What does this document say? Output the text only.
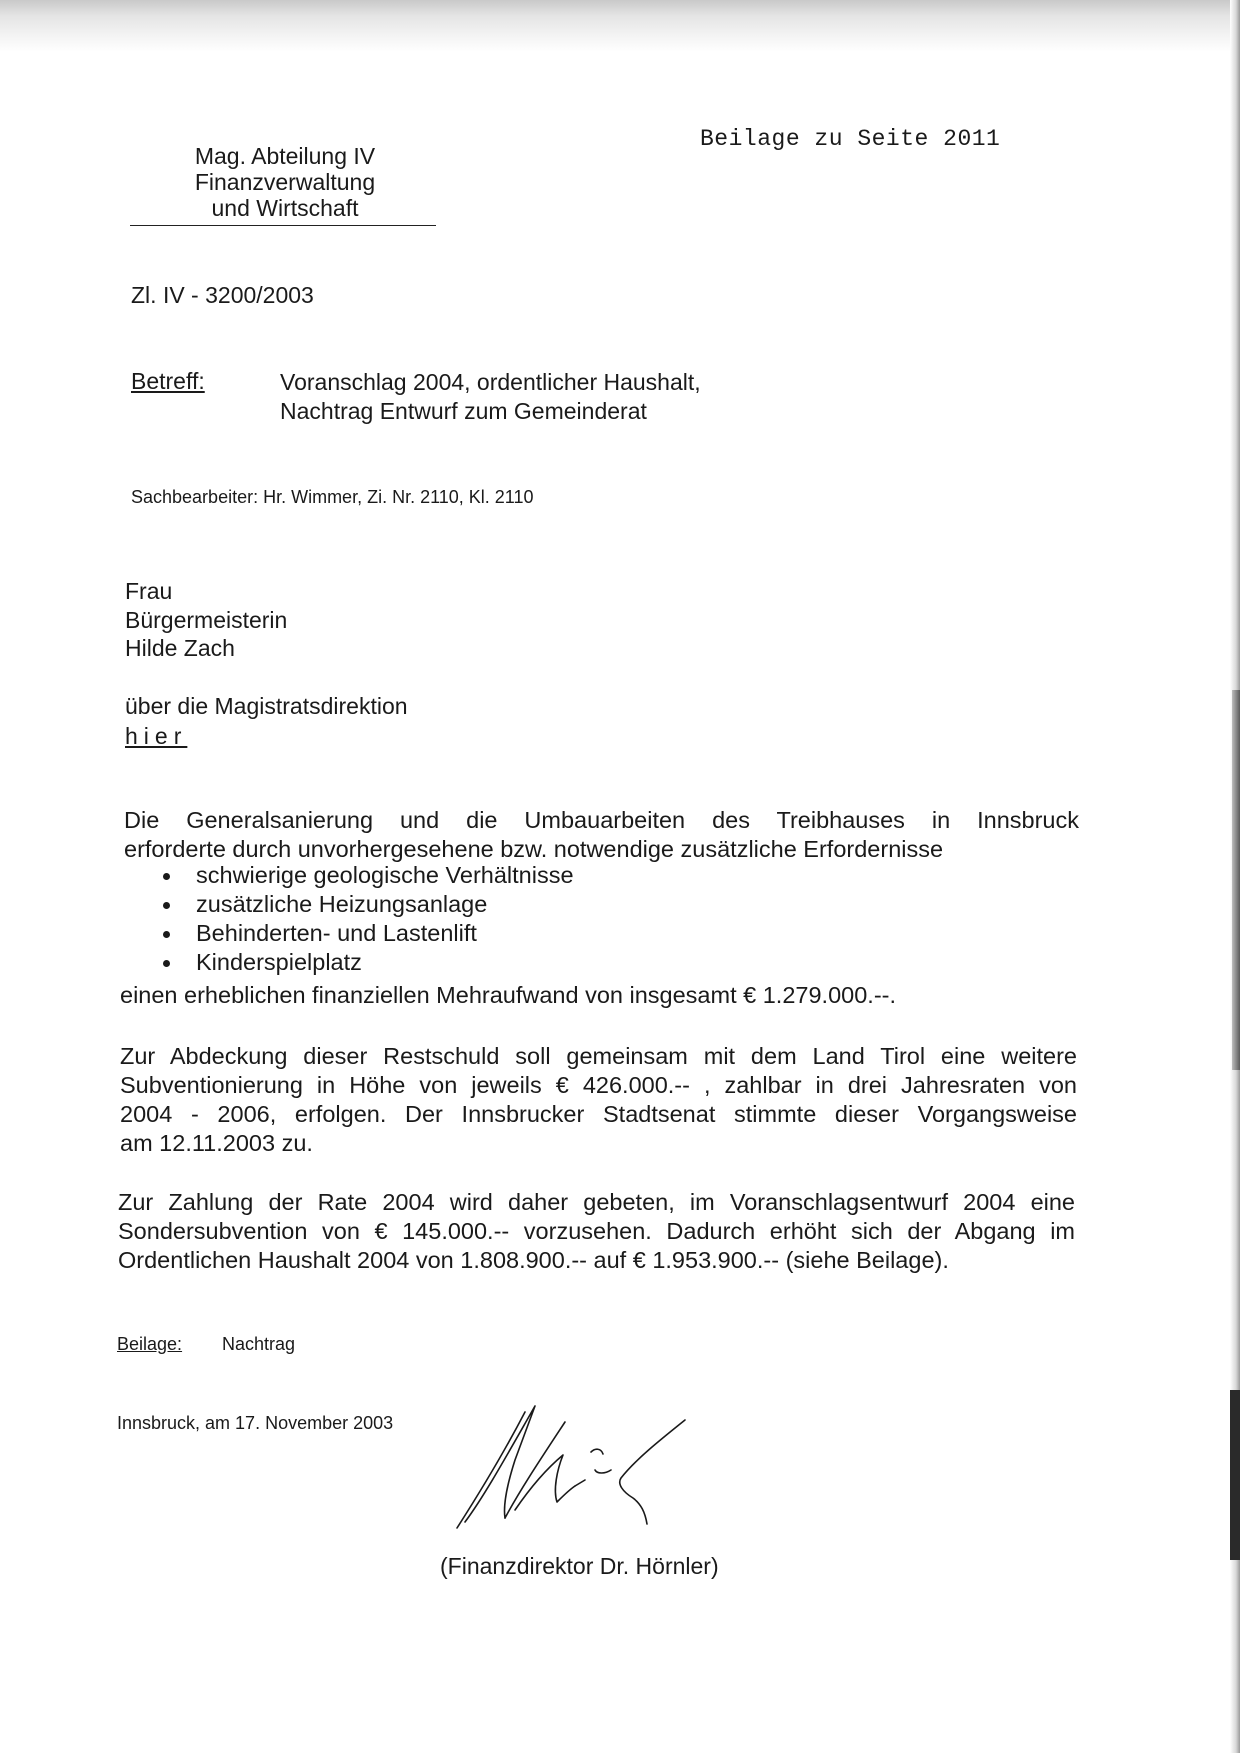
Beilage zu Seite 2011
Mag. Abteilung IV
Finanzverwaltung
und Wirtschaft
Zl. IV - 3200/2003
Betreff:	Voranschlag 2004, ordentlicher Haushalt,
Nachtrag Entwurf zum Gemeinderat
Sachbearbeiter: Hr. Wimmer, Zi. Nr. 2110, Kl. 2110
Frau
Bürgermeisterin
Hilde Zach
über die Magistratsdirektion
hier
Die Generalsanierung und die Umbauarbeiten des Treibhauses in Innsbruck
erforderte durch unvorhergesehene bzw. notwendige zusätzliche Erfordernisse
schwierige geologische Verhältnisse
zusätzliche Heizungsanlage
Behinderten- und Lastenlift
Kinderspielplatz
einen erheblichen finanziellen Mehraufwand von insgesamt € 1.279.000.--.
Zur Abdeckung dieser Restschuld soll gemeinsam mit dem Land Tirol eine weitere
Subventionierung in Höhe von jeweils € 426.000.-- , zahlbar in drei Jahresraten von
2004 - 2006, erfolgen. Der Innsbrucker Stadtsenat stimmte dieser Vorgangsweise
am 12.11.2003 zu.
Zur Zahlung der Rate 2004 wird daher gebeten, im Voranschlagsentwurf 2004 eine
Sondersubvention von € 145.000.-- vorzusehen. Dadurch erhöht sich der Abgang im
Ordentlichen Haushalt 2004 von 1.808.900.-- auf € 1.953.900.-- (siehe Beilage).
Beilage: Nachtrag
Innsbruck, am 17. November 2003
(Finanzdirektor Dr. Hörnler)
